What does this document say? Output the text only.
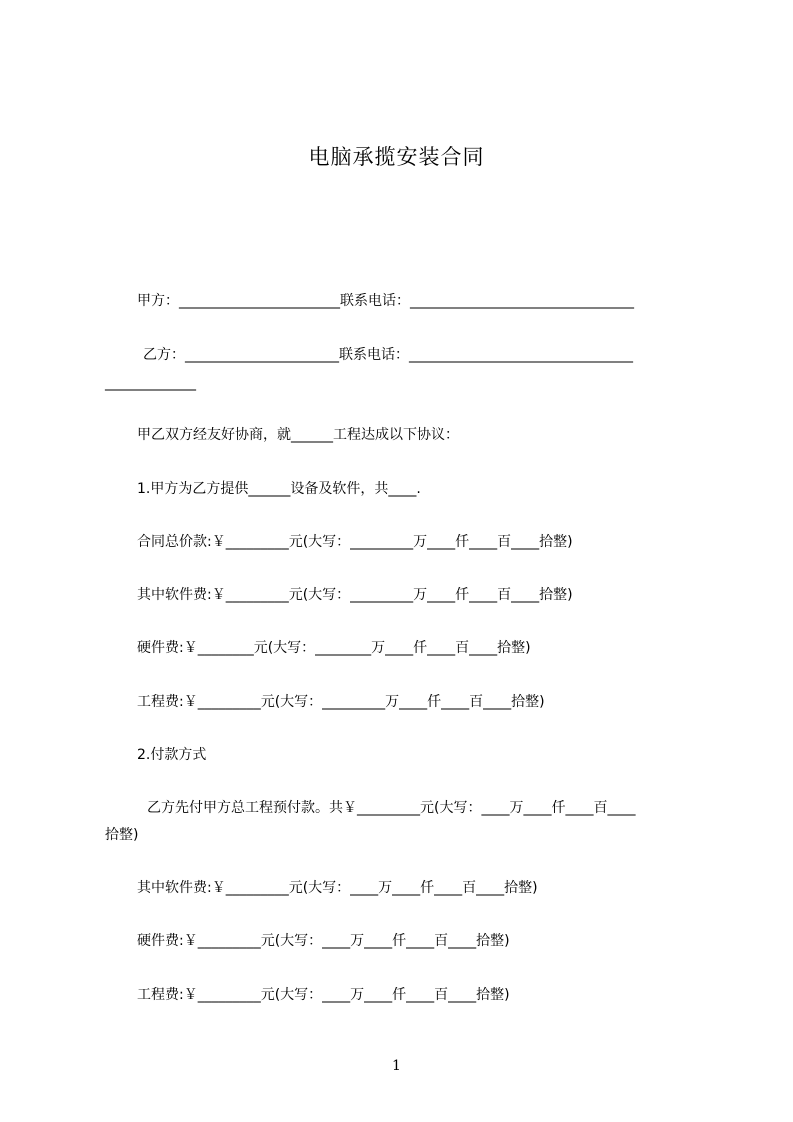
电脑承揽安装合同
甲方：_______________________联系电话：________________________________
乙方：______________________联系电话：________________________________
_____________
甲乙双方经友好协商，就______工程达成以下协议：
1.甲方为乙方提供______设备及软件，共____.
合同总价款:￥_________元(大写：_________万____仟____百____拾整)
其中软件费:￥_________元(大写：_________万____仟____百____拾整)
硬件费:￥________元(大写：________万____仟____百____拾整)
工程费:￥_________元(大写：_________万____仟____百____拾整)
2.付款方式
乙方先付甲方总工程预付款。共￥_________元(大写：____万____仟____百____
拾整)
其中软件费:￥_________元(大写：____万____仟____百____拾整)
硬件费:￥_________元(大写：____万____仟____百____拾整)
工程费:￥_________元(大写：____万____仟____百____拾整)
1
